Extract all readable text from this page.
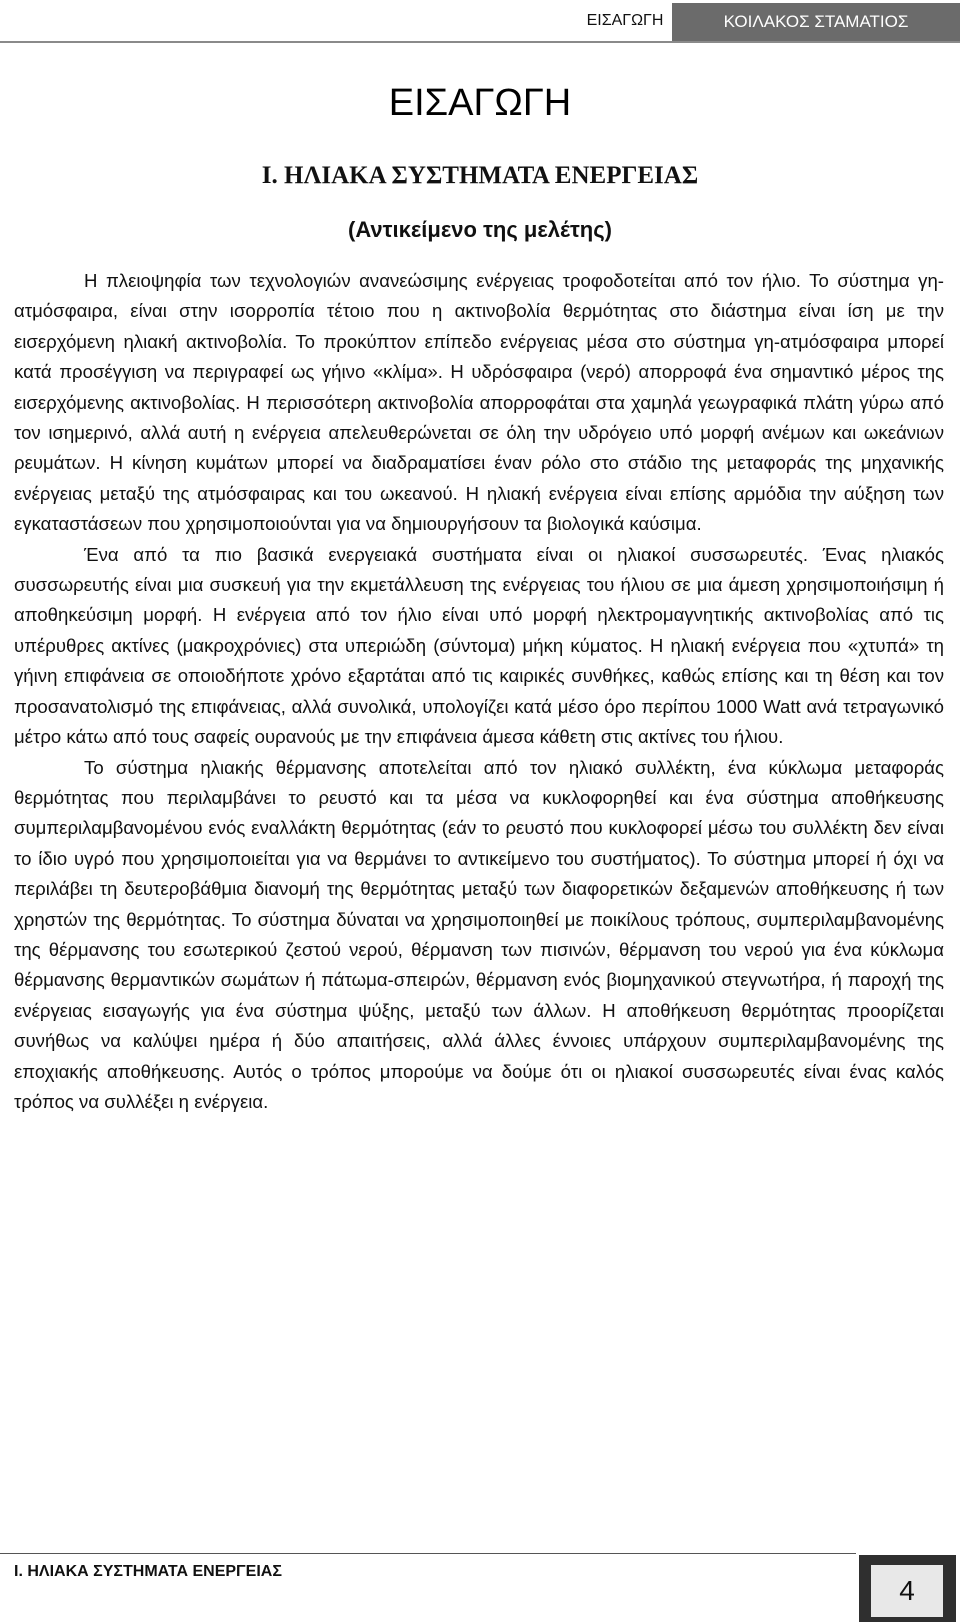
ΕΙΣΑΓΩΓΗ	ΚΟΙΛΑΚΟΣ ΣΤΑΜΑΤΙΟΣ
ΕΙΣΑΓΩΓΗ
I. ΗΛΙΑΚΑ ΣΥΣΤΗΜΑΤΑ ΕΝΕΡΓΕΙΑΣ
(Αντικείμενο της μελέτης)

Η πλειοψηφία των τεχνολογιών ανανεώσιμης ενέργειας τροφοδοτείται από τον ήλιο. Το σύστημα γη-ατμόσφαιρα, είναι στην ισορροπία τέτοιο που η ακτινοβολία θερμότητας στο διάστημα είναι ίση με την εισερχόμενη ηλιακή ακτινοβολία. Το προκύπτον επίπεδο ενέργειας μέσα στο σύστημα γη-ατμόσφαιρα μπορεί κατά προσέγγιση να περιγραφεί ως γήινο «κλίμα». Η υδρόσφαιρα (νερό) απορροφά ένα σημαντικό μέρος της εισερχόμενης ακτινοβολίας. Η περισσότερη ακτινοβολία απορροφάται στα χαμηλά γεωγραφικά πλάτη γύρω από τον ισημερινό, αλλά αυτή η ενέργεια απελευθερώνεται σε όλη την υδρόγειο υπό μορφή ανέμων και ωκεάνιων ρευμάτων. Η κίνηση κυμάτων μπορεί να διαδραματίσει έναν ρόλο στο στάδιο της μεταφοράς της μηχανικής ενέργειας μεταξύ της ατμόσφαιρας και του ωκεανού. Η ηλιακή ενέργεια είναι επίσης αρμόδια την αύξηση των εγκαταστάσεων που χρησιμοποιούνται για να δημιουργήσουν τα βιολογικά καύσιμα.

Ένα από τα πιο βασικά ενεργειακά συστήματα είναι οι ηλιακοί συσσωρευτές. Ένας ηλιακός συσσωρευτής είναι μια συσκευή για την εκμετάλλευση της ενέργειας του ήλιου σε μια άμεση χρησιμοποιήσιμη ή αποθηκεύσιμη μορφή. Η ενέργεια από τον ήλιο είναι υπό μορφή ηλεκτρομαγνητικής ακτινοβολίας από τις υπέρυθρες ακτίνες (μακροχρόνιες) στα υπεριώδη (σύντομα) μήκη κύματος. Η ηλιακή ενέργεια που «χτυπά» τη γήινη επιφάνεια σε οποιοδήποτε χρόνο εξαρτάται από τις καιρικές συνθήκες, καθώς επίσης και τη θέση και τον προσανατολισμό της επιφάνειας, αλλά συνολικά, υπολογίζει κατά μέσο όρο περίπου 1000 Watt ανά τετραγωνικό μέτρο κάτω από τους σαφείς ουρανούς με την επιφάνεια άμεσα κάθετη στις ακτίνες του ήλιου.

Το σύστημα ηλιακής θέρμανσης αποτελείται από τον ηλιακό συλλέκτη, ένα κύκλωμα μεταφοράς θερμότητας που περιλαμβάνει το ρευστό και τα μέσα να κυκλοφορηθεί και ένα σύστημα αποθήκευσης συμπεριλαμβανομένου ενός εναλλάκτη θερμότητας (εάν το ρευστό που κυκλοφορεί μέσω του συλλέκτη δεν είναι το ίδιο υγρό που χρησιμοποιείται για να θερμάνει το αντικείμενο του συστήματος). Το σύστημα μπορεί ή όχι να περιλάβει τη δευτεροβάθμια διανομή της θερμότητας μεταξύ των διαφορετικών δεξαμενών αποθήκευσης ή των χρηστών της θερμότητας. Το σύστημα δύναται να χρησιμοποιηθεί με ποικίλους τρόπους, συμπεριλαμβανομένης της θέρμανσης του εσωτερικού ζεστού νερού, θέρμανση των πισινών, θέρμανση του νερού για ένα κύκλωμα θέρμανσης θερμαντικών σωμάτων ή πάτωμα-σπειρών, θέρμανση ενός βιομηχανικού στεγνωτήρα, ή παροχή της ενέργειας εισαγωγής για ένα σύστημα ψύξης, μεταξύ των άλλων. Η αποθήκευση θερμότητας προορίζεται συνήθως να καλύψει ημέρα ή δύο απαιτήσεις, αλλά άλλες έννοιες υπάρχουν συμπεριλαμβανομένης της εποχιακής αποθήκευσης. Αυτός ο τρόπος μπορούμε να δούμε ότι οι ηλιακοί συσσωρευτές είναι ένας καλός τρόπος να συλλέξει η ενέργεια.

I. ΗΛΙΑΚΑ ΣΥΣΤΗΜΑΤΑ ΕΝΕΡΓΕΙΑΣ
4
